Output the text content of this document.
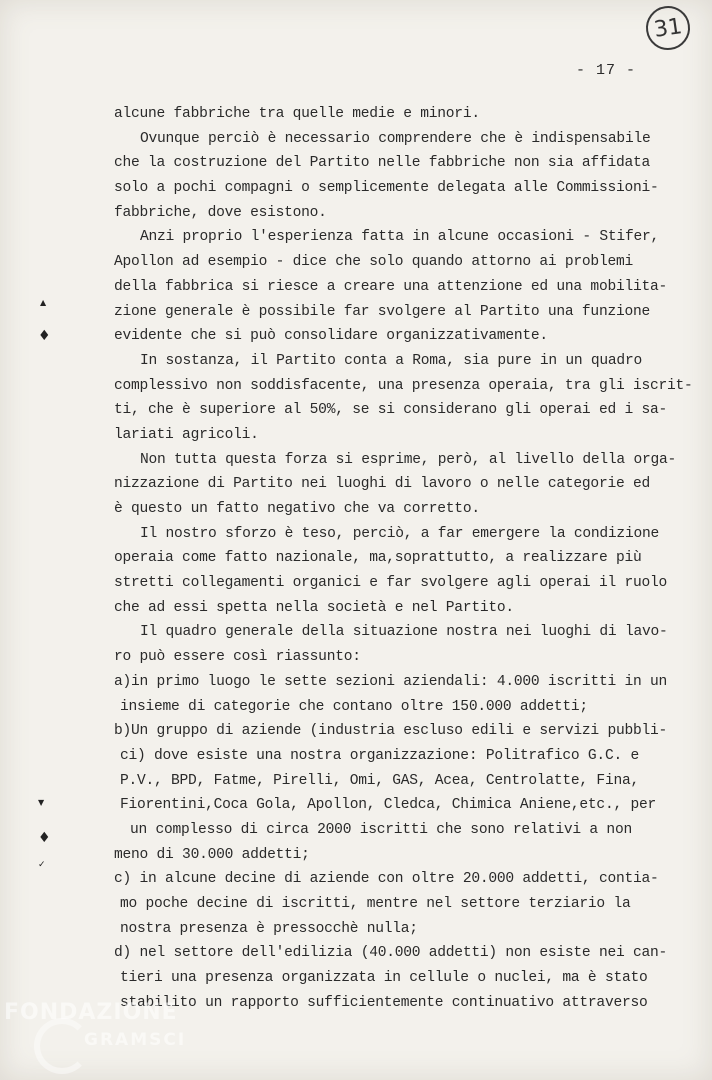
31
- 17 -
▲
♦
▼
♦
✓
alcune fabbriche tra quelle medie e minori.
Ovunque perciò è necessario comprendere che è indispensabile
che la costruzione del Partito nelle fabbriche non sia affidata
solo a pochi compagni o semplicemente delegata alle Commissioni-
fabbriche, dove esistono.
Anzi proprio l'esperienza fatta in alcune occasioni - Stifer,
Apollon ad esempio - dice che solo quando attorno ai problemi
della fabbrica si riesce a creare una attenzione ed una mobilita-
zione generale è possibile far svolgere al Partito una funzione
evidente che si può consolidare organizzativamente.
In sostanza, il Partito conta a Roma, sia pure in un quadro
complessivo non soddisfacente, una presenza operaia, tra gli iscrit-
ti, che è superiore al 50%, se si considerano gli operai ed i sa-
lariati agricoli.
Non tutta questa forza si esprime, però, al livello della orga-
nizzazione di Partito nei luoghi di lavoro o nelle categorie ed
è questo un fatto negativo che va corretto.
Il nostro sforzo è teso, perciò, a far emergere la condizione
operaia come fatto nazionale, ma,soprattutto, a realizzare più
stretti collegamenti organici e far svolgere agli operai il ruolo
che ad essi spetta nella società e nel Partito.
Il quadro generale della situazione nostra nei luoghi di lavo-
ro può essere così riassunto:
a)in primo luogo le sette sezioni aziendali: 4.000 iscritti in un
insieme di categorie che contano oltre 150.000 addetti;
b)Un gruppo di aziende (industria escluso edili e servizi pubbli-
ci) dove esiste una nostra organizzazione: Politrafico G.C. e
P.V., BPD, Fatme, Pirelli, Omi, GAS, Acea, Centrolatte, Fina,
Fiorentini,Coca Gola, Apollon, Cledca, Chimica Aniene,etc., per
un complesso di circa 2000 iscritti che sono relativi a non
meno di 30.000 addetti;
c) in alcune decine di aziende con oltre 20.000 addetti, contia-
mo poche decine di iscritti, mentre nel settore terziario la
nostra presenza è pressocchè nulla;
d) nel settore dell'edilizia (40.000 addetti) non esiste nei can-
tieri una presenza organizzata in cellule o nuclei, ma è stato
stabilito un rapporto sufficientemente continuativo attraverso
FONDAZIONE
GRAMSCI
